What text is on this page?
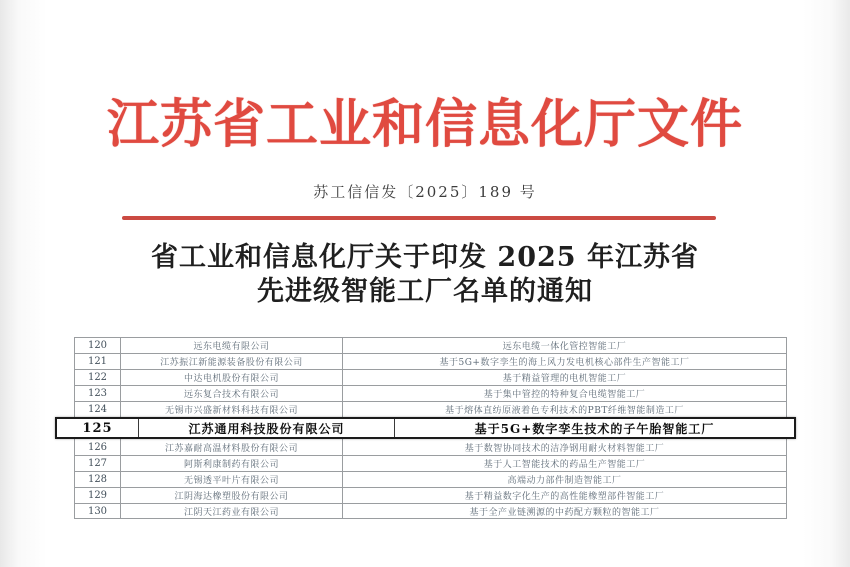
江苏省工业和信息化厅文件
苏工信信发〔2025〕189 号
省工业和信息化厅关于印发 2025 年江苏省
先进级智能工厂名单的通知
120	远东电缆有限公司	远东电缆一体化管控智能工厂
121	江苏振江新能源装备股份有限公司	基于5G+数字孪生的海上风力发电机核心部件生产智能工厂
122	中达电机股份有限公司	基于精益管理的电机智能工厂
123	远东复合技术有限公司	基于集中管控的特种复合电缆智能工厂
124	无锡市兴盛新材料科技有限公司	基于熔体直纺原液着色专利技术的PBT纤维智能制造工厂
125	江苏通用科技股份有限公司	基于5G+数字孪生技术的子午胎智能工厂
126	江苏嘉耐高温材料股份有限公司	基于数智协同技术的洁净钢用耐火材料智能工厂
127	阿斯利康制药有限公司	基于人工智能技术的药品生产智能工厂
128	无锡透平叶片有限公司	高端动力部件制造智能工厂
129	江阴海达橡塑股份有限公司	基于精益数字化生产的高性能橡塑部件智能工厂
130	江阴天江药业有限公司	基于全产业链溯源的中药配方颗粒的智能工厂
